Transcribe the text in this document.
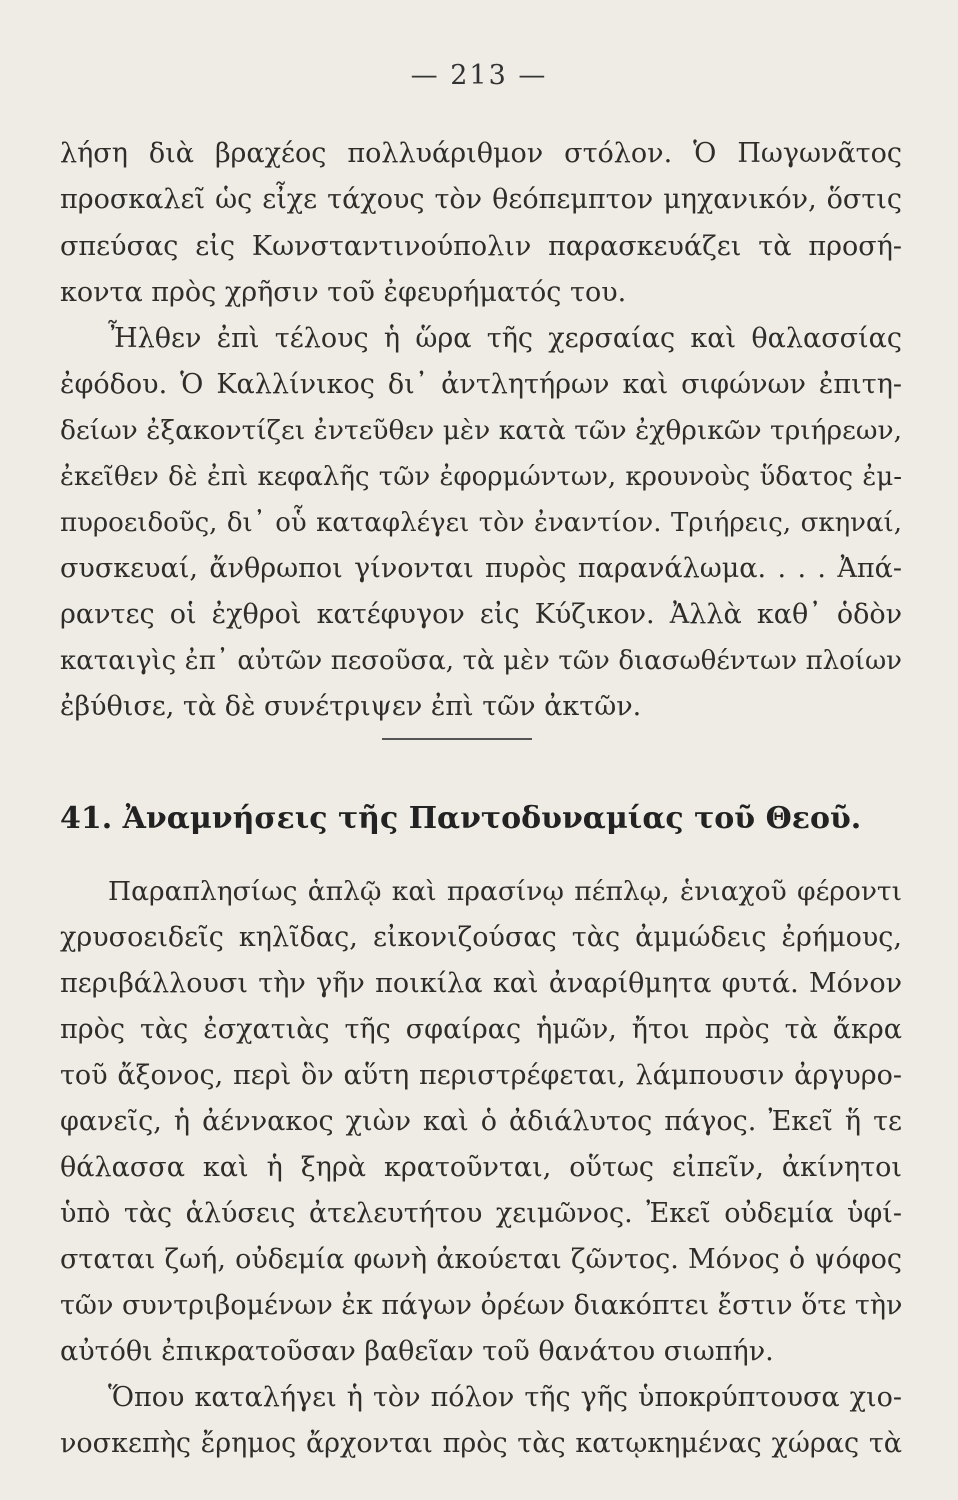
— 213 —
λήση διὰ βραχέος πολλυάριθμον στόλον. Ὁ Πωγωνᾶτος
προσκαλεῖ ὡς εἶχε τάχους τὸν θεόπεμπτον μηχανικόν, ὅστις
σπεύσας εἰς Κωνσταντινούπολιν παρασκευάζει τὰ προσή-
κοντα πρὸς χρῆσιν τοῦ ἐφευρήματός του.
Ἦλθεν ἐπὶ τέλους ἡ ὥρα τῆς χερσαίας καὶ θαλασσίας
ἐφόδου. Ὁ Καλλίνικος δι᾽ ἀντλητήρων καὶ σιφώνων ἐπιτη-
δείων ἐξακοντίζει ἐντεῦθεν μὲν κατὰ τῶν ἐχθρικῶν τριήρεων,
ἐκεῖθεν δὲ ἐπὶ κεφαλῆς τῶν ἐφορμώντων, κρουνοὺς ὕδατος ἐμ-
πυροειδοῦς, δι᾽ οὗ καταφλέγει τὸν ἐναντίον. Τριήρεις, σκηναί,
συσκευαί, ἄνθρωποι γίνονται πυρὸς παρανάλωμα. . . . Ἀπά-
ραντες οἱ ἐχθροὶ κατέφυγον εἰς Κύζικον. Ἀλλὰ καθ᾽ ὁδὸν
καταιγὶς ἐπ᾽ αὐτῶν πεσοῦσα, τὰ μὲν τῶν διασωθέντων πλοίων
ἐβύθισε, τὰ δὲ συνέτριψεν ἐπὶ τῶν ἀκτῶν.
41. Ἀναμνήσεις τῆς Παντοδυναμίας τοῦ Θεοῦ.
Παραπλησίως ἁπλῷ καὶ πρασίνῳ πέπλῳ, ἑνιαχοῦ φέροντι
χρυσοειδεῖς κηλῖδας, εἰκονιζούσας τὰς ἀμμώδεις ἐρήμους,
περιβάλλουσι τὴν γῆν ποικίλα καὶ ἀναρίθμητα φυτά. Μόνον
πρὸς τὰς ἐσχατιὰς τῆς σφαίρας ἡμῶν, ἤτοι πρὸς τὰ ἄκρα
τοῦ ἄξονος, περὶ ὃν αὕτη περιστρέφεται, λάμπουσιν ἀργυρο-
φανεῖς, ἡ ἀέννακος χιὼν καὶ ὁ ἀδιάλυτος πάγος. Ἐκεῖ ἥ τε
θάλασσα καὶ ἡ ξηρὰ κρατοῦνται, οὕτως εἰπεῖν, ἀκίνητοι
ὑπὸ τὰς ἁλύσεις ἀτελευτήτου χειμῶνος. Ἐκεῖ οὐδεμία ὑφί-
σταται ζωή, οὐδεμία φωνὴ ἀκούεται ζῶντος. Μόνος ὁ ψόφος
τῶν συντριβομένων ἐκ πάγων ὀρέων διακόπτει ἔστιν ὅτε τὴν
αὐτόθι ἐπικρατοῦσαν βαθεῖαν τοῦ θανάτου σιωπήν.
Ὅπου καταλήγει ἡ τὸν πόλον τῆς γῆς ὑποκρύπτουσα χιο-
νοσκεπὴς ἔρημος ἄρχονται πρὸς τὰς κατῳκημένας χώρας τὰ
